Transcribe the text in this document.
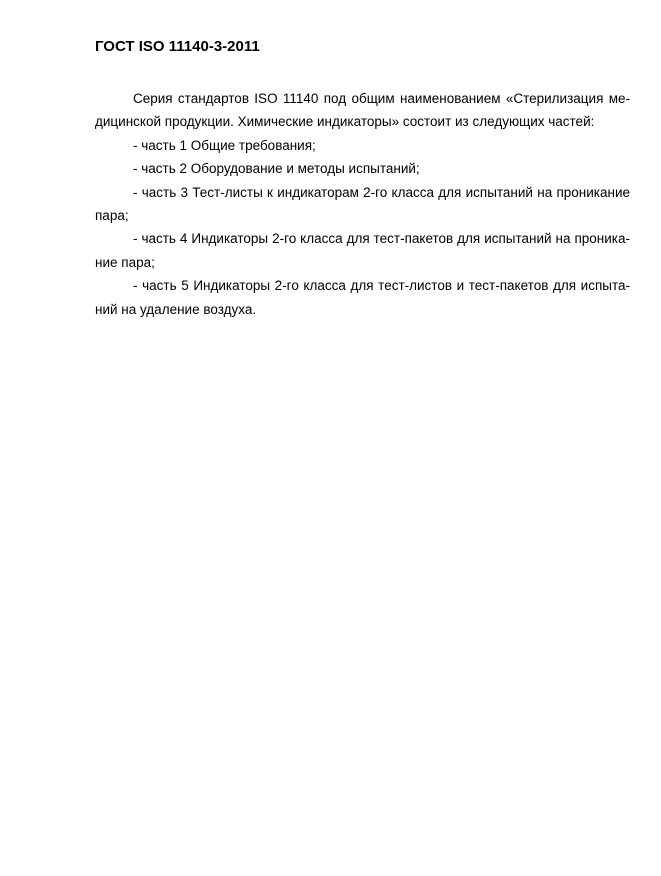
ГОСТ ISO 11140-3-2011
Серия стандартов ISO 11140 под общим наименованием «Стерилизация ме-
дицинской продукции. Химические индикаторы» состоит из следующих частей:
- часть 1 Общие требования;
- часть 2 Оборудование и методы испытаний;
- часть 3 Тест-листы к индикаторам 2-го класса для испытаний на проникание
пара;
- часть 4 Индикаторы 2-го класса для тест-пакетов для испытаний на проника-
ние пара;
- часть 5 Индикаторы 2-го класса для тест-листов и тест-пакетов для испыта-
ний на удаление воздуха.
